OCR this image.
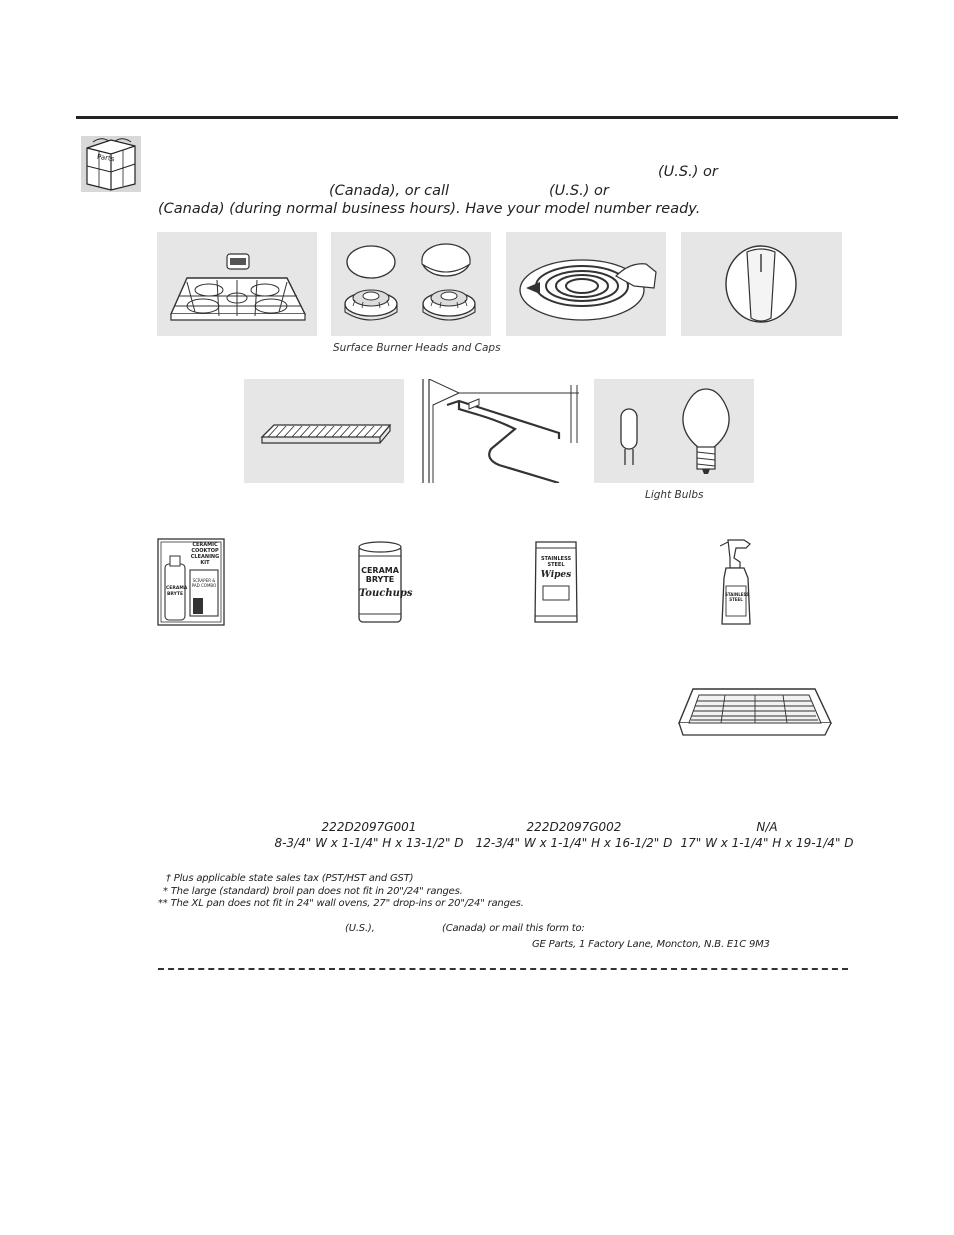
Parts
(U.S.) or
(Canada), or call	(U.S.) or
(Canada) (during normal business hours). Have your model number ready.
Surface Burner Heads and Caps
Light Bulbs
CERAMIC COOKTOP CLEANING KIT
CERAMA BRYTE
SCRAPER & PAD COMBO
CERAMA BRYTE
Touchups
STAINLESS STEEL
Wipes
STAINLESS STEEL
222D2097G001
8-3/4" W x 1-1/4" H x 13-1/2" D
222D2097G002
12-3/4" W x 1-1/4" H x 16-1/2" D
N/A
17" W x 1-1/4" H x 19-1/4" D
† Plus applicable state sales tax (PST/HST and GST)
* The large (standard) broil pan does not fit in 20"/24" ranges.
** The XL pan does not fit in 24" wall ovens, 27" drop-ins or 20"/24" ranges.
(U.S.),	(Canada) or mail this form to:
GE Parts, 1 Factory Lane, Moncton, N.B. E1C 9M3
